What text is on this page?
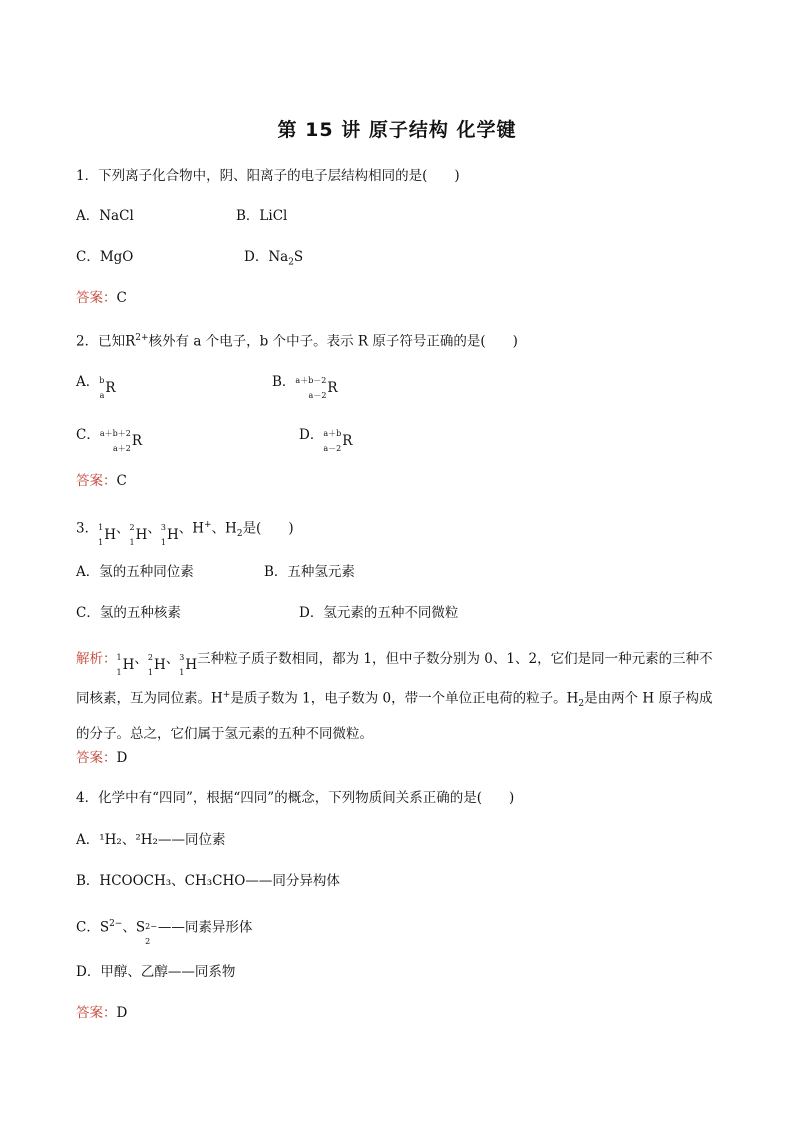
第 15 讲 原子结构 化学键
1．下列离子化合物中，阴、阳离子的电子层结构相同的是(　　)
A．NaCl	B．LiCl
C．MgO	D．$Na_2S$
答案：C
2．已知$R^{2+}$核外有 a 个电子，b 个中子。表示 R 原子符号正确的是(　　)
A． b
a R	B． a＋b－2
a－2 R
C． a＋b＋2
a＋2 R	D． a＋b
a－2 R
答案：C
3． 1
1 H 、 2
1 H 、 3
1 H 、H+、$H_2$是(　　)
A．氢的五种同位素	B．五种氢元素
C．氢的五种核素	D．氢元素的五种不同微粒
解析： 1
1 H 、 2
1 H 、 3
1 H 三种粒子质子数相同，都为 1，但中子数分别为 0、1、2，它们是同一种元素的三种不
同核素，互为同位素。H+是质子数为 1，电子数为 0，带一个单位正电荷的粒子。$H_2$是由两个 H 原子构成
的分子。总之，它们属于氢元素的五种不同微粒。
答案：D
4．化学中有“四同”，根据“四同”的概念，下列物质间关系正确的是(　　)
A．¹H₂、²H₂——同位素
B．HCOOCH₃、CH₃CHO——同分异构体
C．$S^{2-}$、S 2−
2
——同素异形体
D．甲醇、乙醇——同系物
答案：D
